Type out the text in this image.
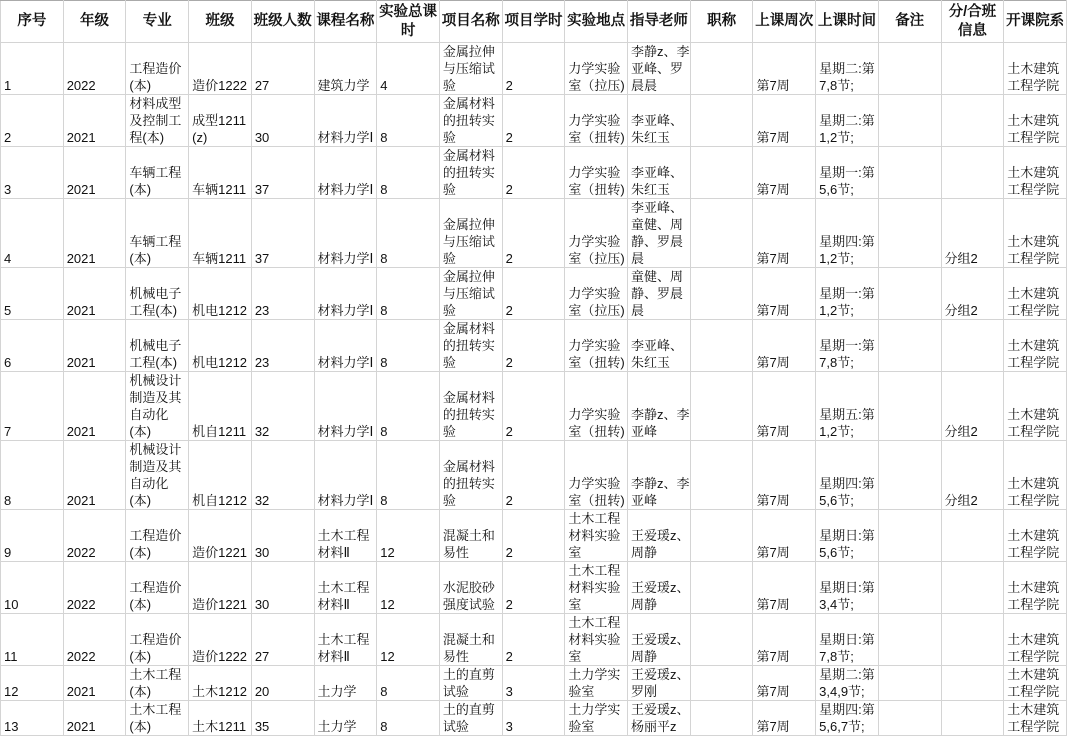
序号	年级	专业	班级	班级人数	课程名称	实验总课时	项目名称	项目学时	实验地点	指导老师	职称	上课周次	上课时间	备注	分/合班信息	开课院系
1	2022	工程造价(本)	造价1222	27	建筑力学	4	金属拉伸与压缩试验	2	力学实验室（拉压)	李静z、李亚峰、罗晨晨		第7周	星期二:第7,8节;			土木建筑工程学院
2	2021	材料成型及控制工程(本)	成型1211(z)	30	材料力学Ⅰ	8	金属材料的扭转实验	2	力学实验室（扭转)	李亚峰、朱红玉		第7周	星期二:第1,2节;			土木建筑工程学院
3	2021	车辆工程(本)	车辆1211	37	材料力学Ⅰ	8	金属材料的扭转实验	2	力学实验室（扭转)	李亚峰、朱红玉		第7周	星期一:第5,6节;			土木建筑工程学院
4	2021	车辆工程(本)	车辆1211	37	材料力学Ⅰ	8	金属拉伸与压缩试验	2	力学实验室（拉压)	李亚峰、童健、周静、罗晨晨		第7周	星期四:第1,2节;		分组2	土木建筑工程学院
5	2021	机械电子工程(本)	机电1212	23	材料力学Ⅰ	8	金属拉伸与压缩试验	2	力学实验室（拉压)	童健、周静、罗晨晨		第7周	星期一:第1,2节;		分组2	土木建筑工程学院
6	2021	机械电子工程(本)	机电1212	23	材料力学Ⅰ	8	金属材料的扭转实验	2	力学实验室（扭转)	李亚峰、朱红玉		第7周	星期一:第7,8节;			土木建筑工程学院
7	2021	机械设计制造及其自动化(本)	机自1211	32	材料力学Ⅰ	8	金属材料的扭转实验	2	力学实验室（扭转)	李静z、李亚峰		第7周	星期五:第1,2节;		分组2	土木建筑工程学院
8	2021	机械设计制造及其自动化(本)	机自1212	32	材料力学Ⅰ	8	金属材料的扭转实验	2	力学实验室（扭转)	李静z、李亚峰		第7周	星期四:第5,6节;		分组2	土木建筑工程学院
9	2022	工程造价(本)	造价1221	30	土木工程材料Ⅱ	12	混凝土和易性	2	土木工程材料实验室	王爱瑗z、周静		第7周	星期日:第5,6节;			土木建筑工程学院
10	2022	工程造价(本)	造价1221	30	土木工程材料Ⅱ	12	水泥胶砂强度试验	2	土木工程材料实验室	王爱瑗z、周静		第7周	星期日:第3,4节;			土木建筑工程学院
11	2022	工程造价(本)	造价1222	27	土木工程材料Ⅱ	12	混凝土和易性	2	土木工程材料实验室	王爱瑗z、周静		第7周	星期日:第7,8节;			土木建筑工程学院
12	2021	土木工程(本)	土木1212	20	土力学	8	土的直剪试验	3	土力学实验室	王爱瑗z、罗刚		第7周	星期二:第3,4,9节;			土木建筑工程学院
13	2021	土木工程(本)	土木1211	35	土力学	8	土的直剪试验	3	土力学实验室	王爱瑗z、杨丽平z		第7周	星期四:第5,6,7节;			土木建筑工程学院
